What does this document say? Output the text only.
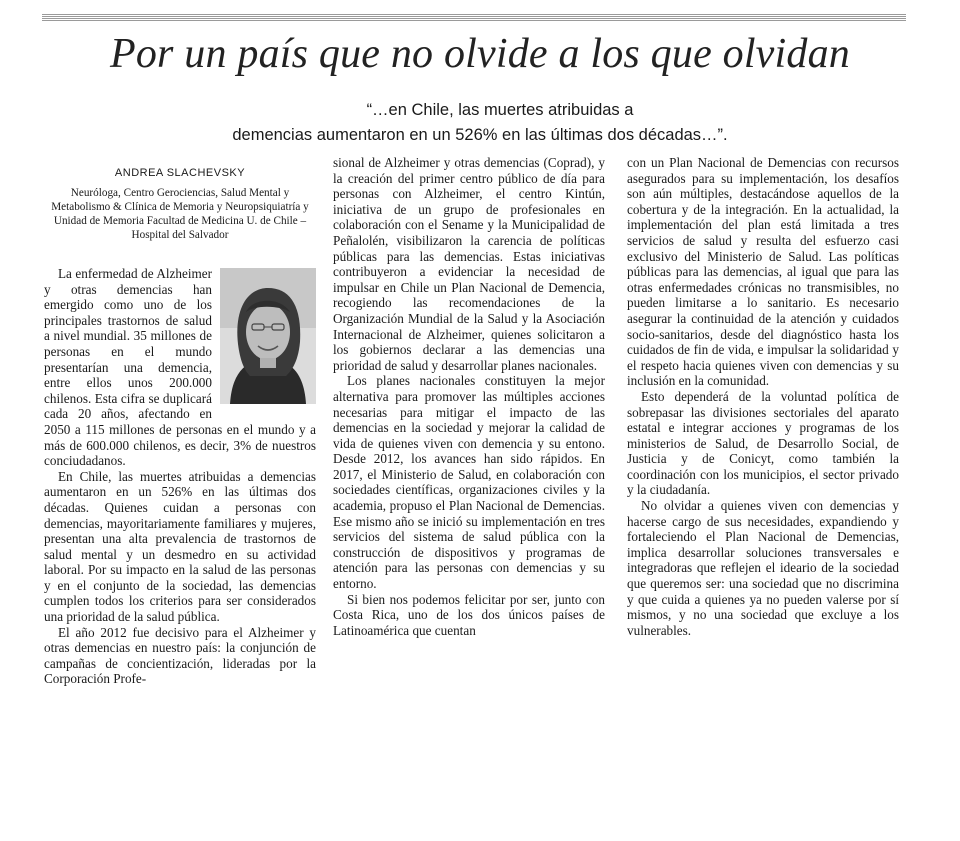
Por un país que no olvide a los que olvidan
“…en Chile, las muertes atribuidas a
demencias aumentaron en un 526% en las últimas dos décadas…”.
ANDREA SLACHEVSKY
Neuróloga, Centro Gerociencias, Salud Mental y Metabolismo & Clínica de Memoria y Neuropsiquiatría y Unidad de Memoria Facultad de Medicina U. de Chile – Hospital del Salvador

La enfermedad de Alzheimer y otras demencias han emergido como uno de los principales trastornos de salud a nivel mundial. 35 millones de personas en el mundo presentarían una demencia, entre ellos unos 200.000 chilenos. Esta cifra se duplicará cada 20 años, afectando en 2050 a 115 millones de personas en el mundo y a más de 600.000 chilenos, es decir, 3% de nuestros conciudadanos.

En Chile, las muertes atribuidas a demencias aumentaron en un 526% en las últimas dos décadas. Quienes cuidan a personas con demencias, mayoritariamente familiares y mujeres, presentan una alta prevalencia de trastornos de salud mental y un desmedro en su actividad laboral. Por su impacto en la salud de las personas y en el conjunto de la sociedad, las demencias cumplen todos los criterios para ser considerados una prioridad de la salud pública.

El año 2012 fue decisivo para el Alzheimer y otras demencias en nuestro país: la conjunción de campañas de concientización, lideradas por la Corporación Profe-

sional de Alzheimer y otras demencias (Coprad), y la creación del primer centro público de día para personas con Alzheimer, el centro Kintún, iniciativa de un grupo de profesionales en colaboración con el Sename y la Municipalidad de Peñalolén, visibilizaron la carencia de políticas públicas para las demencias. Estas iniciativas contribuyeron a evidenciar la necesidad de impulsar en Chile un Plan Nacional de Demencia, recogiendo las recomendaciones de la Organización Mundial de la Salud y la Asociación Internacional de Alzheimer, quienes solicitaron a los gobiernos declarar a las demencias una prioridad de salud y desarrollar planes nacionales.

Los planes nacionales constituyen la mejor alternativa para promover las múltiples acciones necesarias para mitigar el impacto de las demencias en la sociedad y mejorar la calidad de vida de quienes viven con demencia y su entono. Desde 2012, los avances han sido rápidos. En 2017, el Ministerio de Salud, en colaboración con sociedades científicas, organizaciones civiles y la academia, propuso el Plan Nacional de Demencias. Ese mismo año se inició su implementación en tres servicios del sistema de salud pública con la construcción de dispositivos y programas de atención para las personas con demencias y su entorno.

Si bien nos podemos felicitar por ser, junto con Costa Rica, uno de los dos únicos países de Latinoamérica que cuentan

con un Plan Nacional de Demencias con recursos asegurados para su implementación, los desafíos son aún múltiples, destacándose aquellos de la cobertura y de la integración. En la actualidad, la implementación del plan está limitada a tres servicios de salud y resulta del esfuerzo casi exclusivo del Ministerio de Salud. Las políticas públicas para las demencias, al igual que para las otras enfermedades crónicas no transmisibles, no pueden limitarse a lo sanitario. Es necesario asegurar la continuidad de la atención y cuidados socio-sanitarios, desde del diagnóstico hasta los cuidados de fin de vida, e impulsar la solidaridad y el respeto hacia quienes viven con demencias y su inclusión en la comunidad.

Esto dependerá de la voluntad política de sobrepasar las divisiones sectoriales del aparato estatal e integrar acciones y programas de los ministerios de Salud, de Desarrollo Social, de Justicia y de Conicyt, como también la coordinación con los municipios, el sector privado y la ciudadanía.

No olvidar a quienes viven con demencias y hacerse cargo de sus necesidades, expandiendo y fortaleciendo el Plan Nacional de Demencias, implica desarrollar soluciones transversales e integradoras que reflejen el ideario de la sociedad que queremos ser: una sociedad que no discrimina y que cuida a quienes ya no pueden valerse por sí mismos, y no una sociedad que excluye a los vulnerables.
